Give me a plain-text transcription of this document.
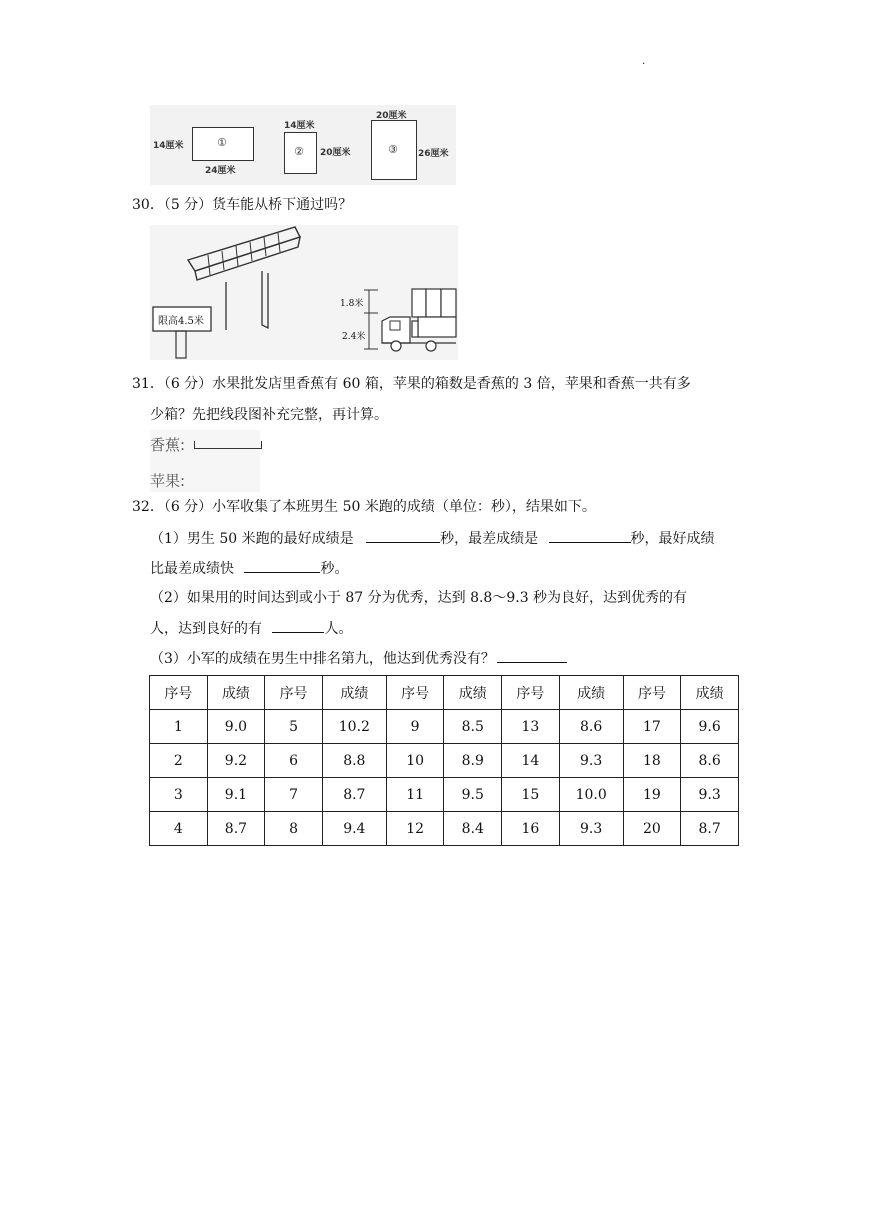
.
①
14厘米
24厘米
②
14厘米
20厘米	③
20厘米
26厘米
30．（5 分）货车能从桥下通过吗？
限高4.5米
1.8米
2.4米
31．（6 分）水果批发店里香蕉有 60 箱，苹果的箱数是香蕉的 3 倍，苹果和香蕉一共有多
少箱？先把线段图补充完整，再计算。
香蕉:
苹果:
32．（6 分）小军收集了本班男生 50 米跑的成绩（单位：秒），结果如下。
（1）男生 50 米跑的最好成绩是	秒，最差成绩是	秒，最好成绩
比最差成绩快	秒。
（2）如果用的时间达到或小于 87 分为优秀，达到 8.8～9.3 秒为良好，达到优秀的有
人，达到良好的有	人。
（3）小军的成绩在男生中排名第九，他达到优秀没有？
序号	成绩	序号	成绩	序号	成绩	序号	成绩	序号	成绩
1	9.0	5	10.2	9	8.5	13	8.6	17	9.6
2	9.2	6	8.8	10	8.9	14	9.3	18	8.6
3	9.1	7	8.7	11	9.5	15	10.0	19	9.3
4	8.7	8	9.4	12	8.4	16	9.3	20	8.7
